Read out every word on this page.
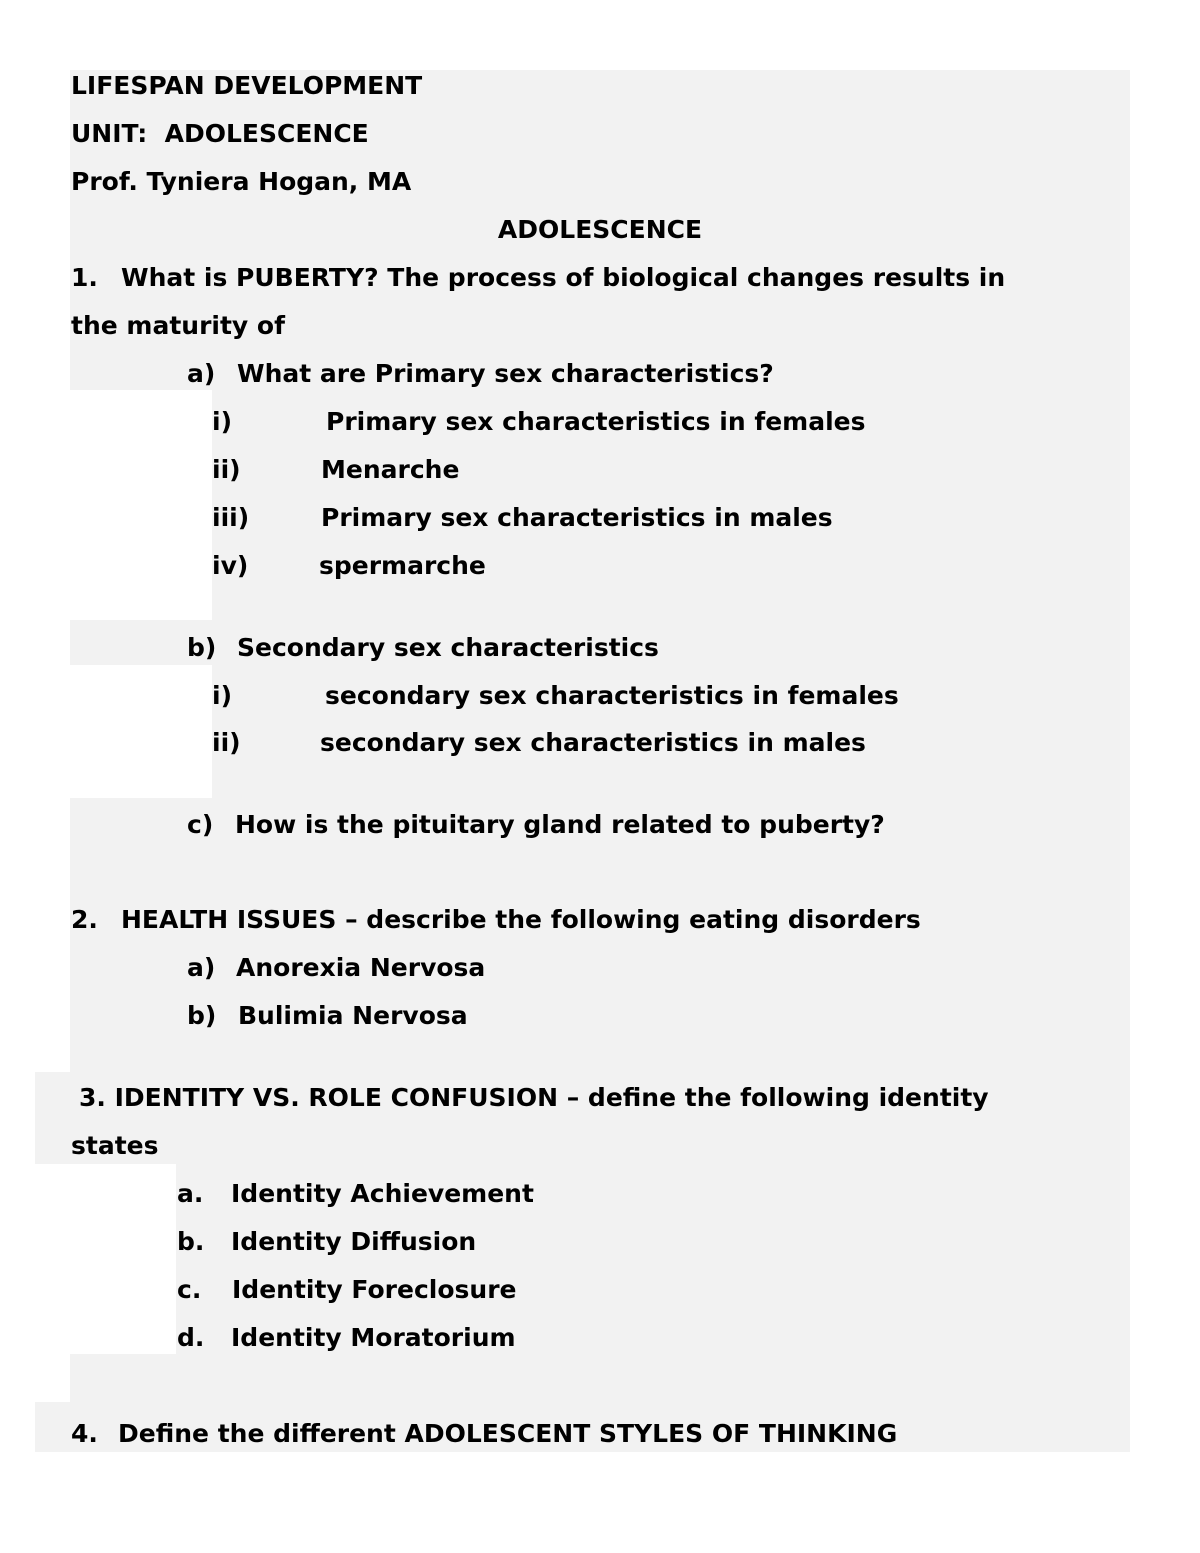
LIFESPAN DEVELOPMENT
UNIT:  ADOLESCENCE
Prof. Tyniera Hogan, MA
ADOLESCENCE
1. What is PUBERTY? The process of biological changes results in
the maturity of
a) What are Primary sex characteristics?
i)	Primary sex characteristics in females
ii)	Menarche
iii)	Primary sex characteristics in males
iv)	spermarche
b) Secondary sex characteristics
i)	secondary sex characteristics in females
ii)	secondary sex characteristics in males
c) How is the pituitary gland related to puberty?
2. HEALTH ISSUES – describe the following eating disorders
a) Anorexia Nervosa
b) Bulimia Nervosa
3. IDENTITY VS. ROLE CONFUSION – define the following identity
states
a. Identity Achievement
b. Identity Diffusion
c. Identity Foreclosure
d. Identity Moratorium
4. Define the different ADOLESCENT STYLES OF THINKING
